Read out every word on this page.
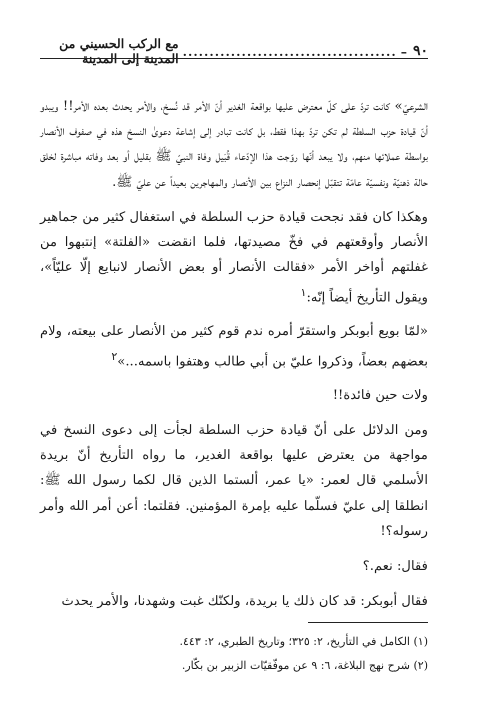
٩٠
–
........................................
مع الركب الحسيني من المدينة إلى المدينة

الشرعيّ» كانت تردّ على كلّ معترض عليها بواقعة الغدير أنّ الأمر قد نُسخ، والأمر يحدث بعده الأمر!! ويبدو أنّ قيادة حزب السلطة لم تكن تردّ بهذا فقط، بل كانت تبادر إلى إشاعة دعوىٰ النسخ هذه في صفوف الأنصار بواسطة عملائها منهم، ولا يبعد أنّها روّجت هذا الإدّعاء قُبَيل وفاة النبيّ ﷺ بقليل أو بعد وفاته مباشرة لخلق حالة ذهنيّة ونفسيّة عامّة تتقبّل إنحصار النزاع بين الأنصار والمهاجرين بعيداً عن عليّ ﷺ.

وهكذا كان فقد نجحت قيادة حزب السلطة في استغفال كثير من جماهير الأنصار وأوقعتهم في فخّ مصيدتها، فلما انقضت «الفلتة» إنتبهوا من غفلتهم أواخر الأمر «فقالت الأنصار أو بعض الأنصار لانبايع إلّا عليّاً»، ويقول التأريخ أيضاً إنّه:$^١$

«لمّا بويع أبوبكر واستقرّ أمره ندم قوم كثير من الأنصار على بيعته، ولام بعضهم بعضاً، وذكروا عليّ بن أبي طالب وهتفوا باسمه...»$^٢$

ولات حين فائدة!!

ومن الدلائل على أنّ قيادة حزب السلطة لجأت إلى دعوى النسخ في مواجهة من يعترض عليها بواقعة الغدير، ما رواه التأريخ أنّ بريدة الأسلمي قال لعمر: «يا عمر، ألستما الذين قال لكما رسول الله ﷺ: انطلقا إلى عليّ فسلّما عليه بإمرة المؤمنين. فقلتما: أعن أمر الله وأمر رسوله؟!

فقال: نعم.؟

فقال أبوبكر: قد كان ذلك يا بريدة، ولكنّك غبت وشهدنا، والأمر يحدث

(١) الكامل في التأريخ، ٢: ٣٢٥؛ وتاريخ الطبري، ٢: ٤٤٣.

(٢) شرح نهج البلاغة، ٦: ٩ عن موفّقيّات الزبير بن بكّار.
